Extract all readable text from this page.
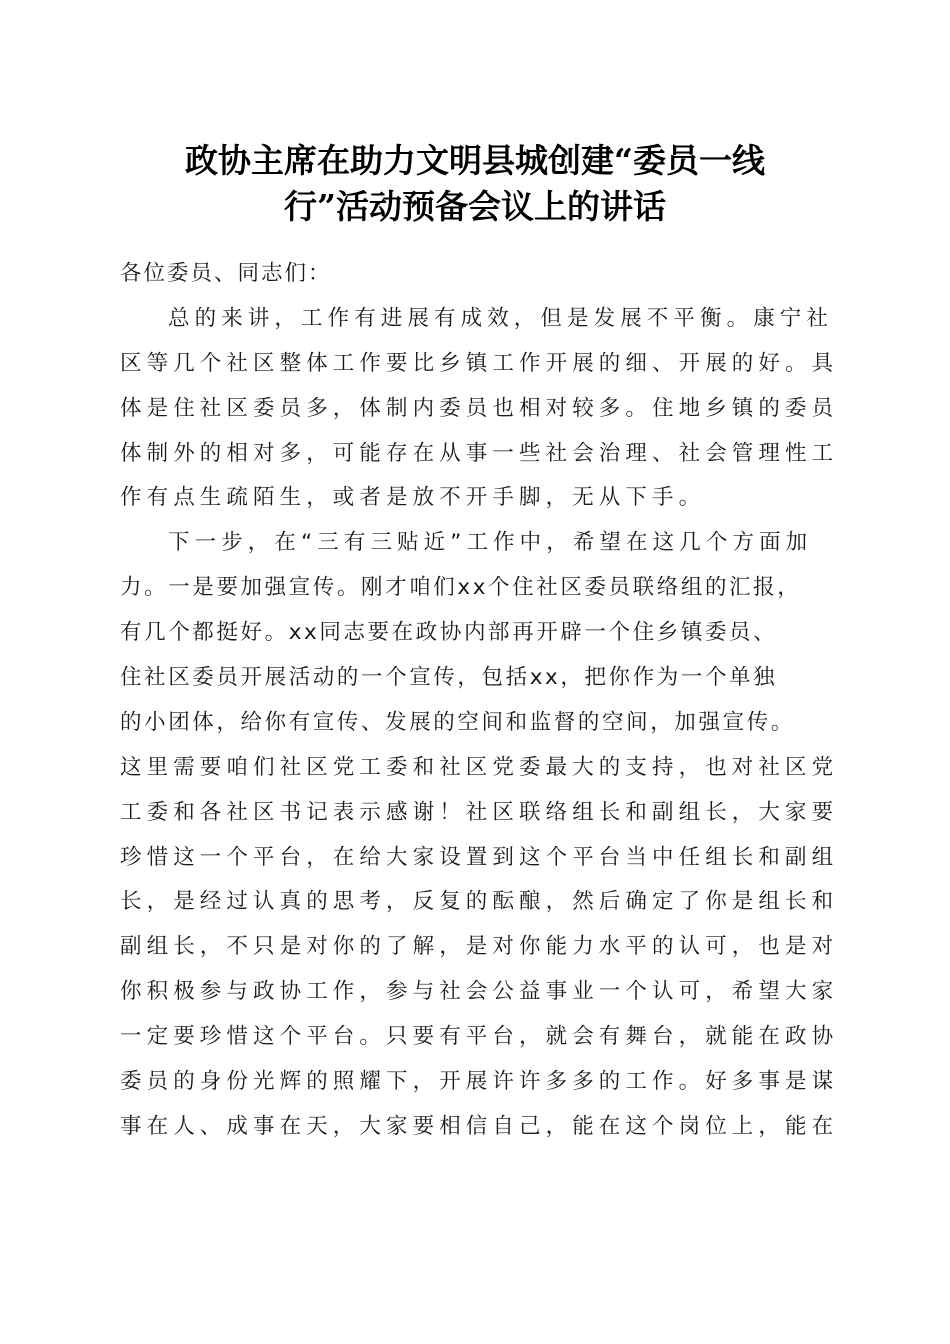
政协主席在助力文明县城创建“委员一线
行”活动预备会议上的讲话
各位委员、同志们：
总的来讲，工作有进展有成效，但是发展不平衡。康宁社
区等几个社区整体工作要比乡镇工作开展的细、开展的好。具
体是住社区委员多，体制内委员也相对较多。住地乡镇的委员
体制外的相对多，可能存在从事一些社会治理、社会管理性工
作有点生疏陌生，或者是放不开手脚，无从下手。
下一步，在“三有三贴近”工作中，希望在这几个方面加
力。一是要加强宣传。刚才咱们xx个住社区委员联络组的汇报，
有几个都挺好。xx同志要在政协内部再开辟一个住乡镇委员、
住社区委员开展活动的一个宣传，包括xx，把你作为一个单独
的小团体，给你有宣传、发展的空间和监督的空间，加强宣传。
这里需要咱们社区党工委和社区党委最大的支持，也对社区党
工委和各社区书记表示感谢！社区联络组长和副组长，大家要
珍惜这一个平台，在给大家设置到这个平台当中任组长和副组
长，是经过认真的思考，反复的酝酿，然后确定了你是组长和
副组长，不只是对你的了解，是对你能力水平的认可，也是对
你积极参与政协工作，参与社会公益事业一个认可，希望大家
一定要珍惜这个平台。只要有平台，就会有舞台，就能在政协
委员的身份光辉的照耀下，开展许许多多的工作。好多事是谋
事在人、成事在天，大家要相信自己，能在这个岗位上，能在
